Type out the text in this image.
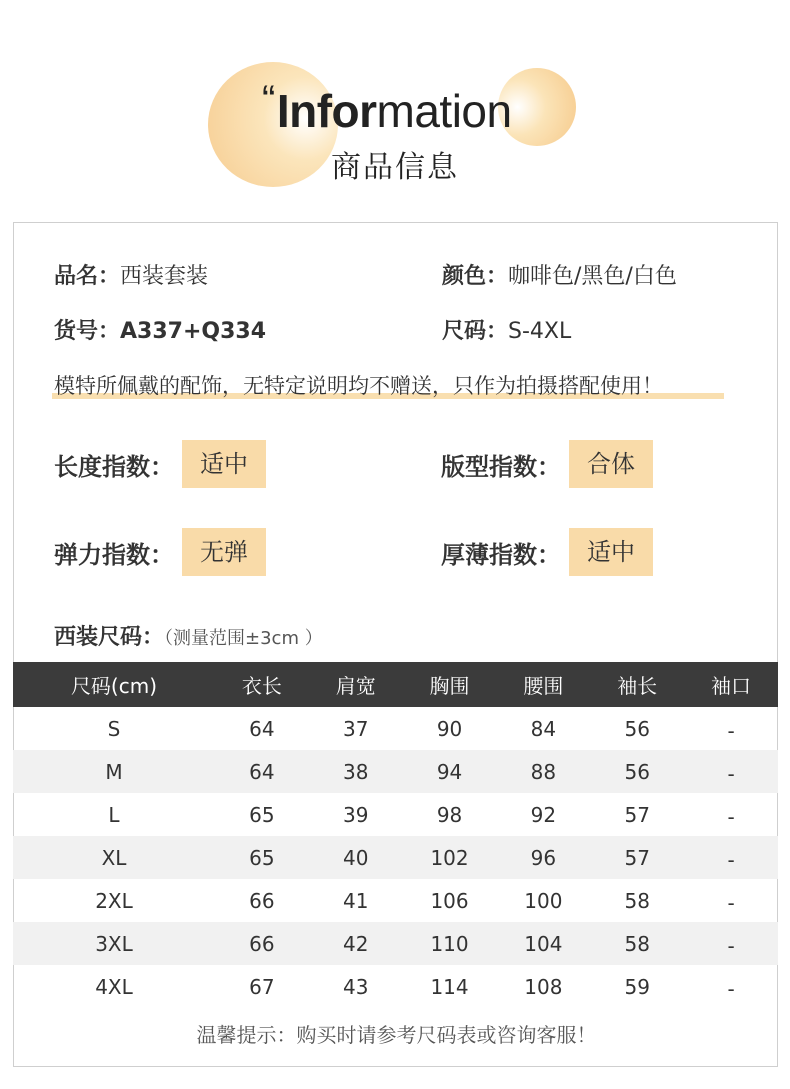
“Information
商品信息
品名：西装套装	颜色：咖啡色/黑色/白色
货号：A337+Q334	尺码：S-4XL
模特所佩戴的配饰，无特定说明均不赠送，只作为拍摄搭配使用！
长度指数：	适中	版型指数：	合体
弹力指数：	无弹	厚薄指数：	适中
西装尺码：（测量范围±3cm ）
尺码(cm)	衣长	肩宽	胸围	腰围	袖长	袖口
S	64	37	90	84	56	-
M	64	38	94	88	56	-
L	65	39	98	92	57	-
XL	65	40	102	96	57	-
2XL	66	41	106	100	58	-
3XL	66	42	110	104	58	-
4XL	67	43	114	108	59	-
温馨提示：购买时请参考尺码表或咨询客服！
